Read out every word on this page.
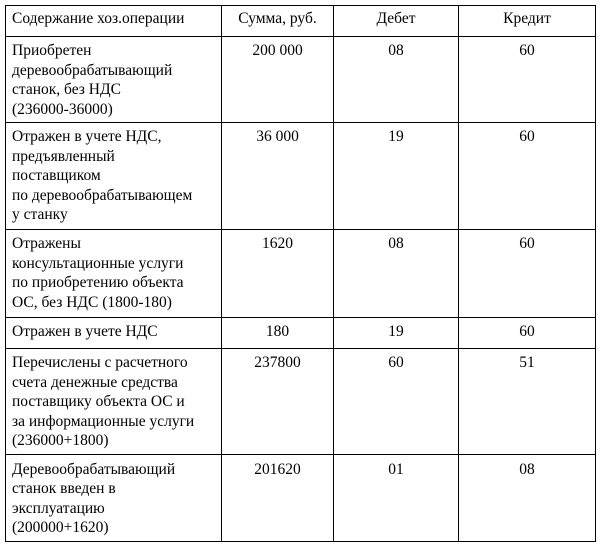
Содержание хоз.операции	Сумма, руб.	Дебет	Кредит
Приобретен
деревообрабатывающий
станок, без НДС
(236000-36000)	200 000	08	60
Отражен в учете НДС,
предъявленный
поставщиком
по деревообрабатывающем
у станку	36 000	19	60
Отражены
консультационные услуги
по приобретению объекта
ОС, без НДС (1800-180)	1620	08	60
Отражен в учете НДС	180	19	60
Перечислены с расчетного
счета денежные средства
поставщику объекта ОС и
за информационные услуги
(236000+1800)	237800	60	51
Деревообрабатывающий
станок введен в
эксплуатацию
(200000+1620)	201620	01	08
